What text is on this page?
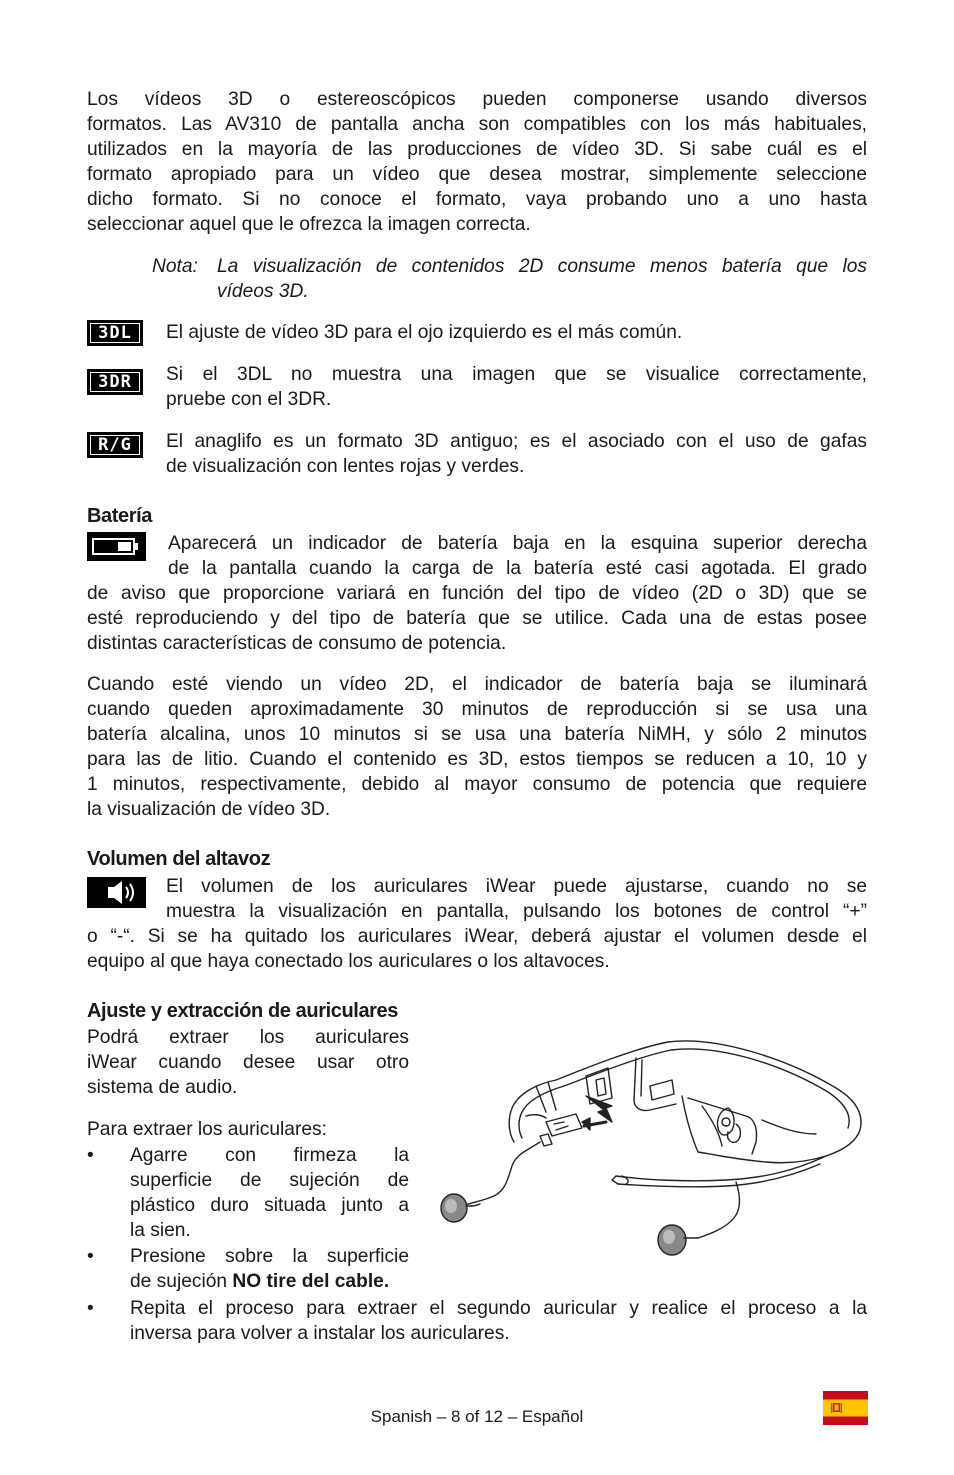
Los vídeos 3D o estereoscópicos pueden componerse usando diversos
formatos. Las AV310 de pantalla ancha son compatibles con los más habituales,
utilizados en la mayoría de las producciones de vídeo 3D. Si sabe cuál es el
formato apropiado para un vídeo que desea mostrar, simplemente seleccione
dicho formato. Si no conoce el formato, vaya probando uno a uno hasta
seleccionar aquel que le ofrezca la imagen correcta.
Nota: La visualización de contenidos 2D consume menos batería que los
vídeos 3D.
3DL	El ajuste de vídeo 3D para el ojo izquierdo es el más común.
3DR	Si el 3DL no muestra una imagen que se visualice correctamente,
pruebe con el 3DR.
R/G	El anaglifo es un formato 3D antiguo; es el asociado con el uso de gafas
de visualización con lentes rojas y verdes.
Batería
Aparecerá un indicador de batería baja en la esquina superior derecha
de la pantalla cuando la carga de la batería esté casi agotada. El grado
de aviso que proporcione variará en función del tipo de vídeo (2D o 3D) que se
esté reproduciendo y del tipo de batería que se utilice. Cada una de estas posee
distintas características de consumo de potencia.
Cuando esté viendo un vídeo 2D, el indicador de batería baja se iluminará
cuando queden aproximadamente 30 minutos de reproducción si se usa una
batería alcalina, unos 10 minutos si se usa una batería NiMH, y sólo 2 minutos
para las de litio. Cuando el contenido es 3D, estos tiempos se reducen a 10, 10 y
1 minutos, respectivamente, debido al mayor consumo de potencia que requiere
la visualización de vídeo 3D.
Volumen del altavoz
El volumen de los auriculares iWear puede ajustarse, cuando no se
muestra la visualización en pantalla, pulsando los botones de control “+”
o “-“. Si se ha quitado los auriculares iWear, deberá ajustar el volumen desde el
equipo al que haya conectado los auriculares o los altavoces.
Ajuste y extracción de auriculares
Podrá extraer los auriculares
iWear cuando desee usar otro
sistema de audio.
Para extraer los auriculares:
•	Agarre con firmeza la
superficie de sujeción de
plástico duro situada junto a
la sien.
•	Presione sobre la superficie
de sujeción NO tire del cable.
•	Repita el proceso para extraer el segundo auricular y realice el proceso a la
inversa para volver a instalar los auriculares.
Spanish – 8 of 12 – Español
